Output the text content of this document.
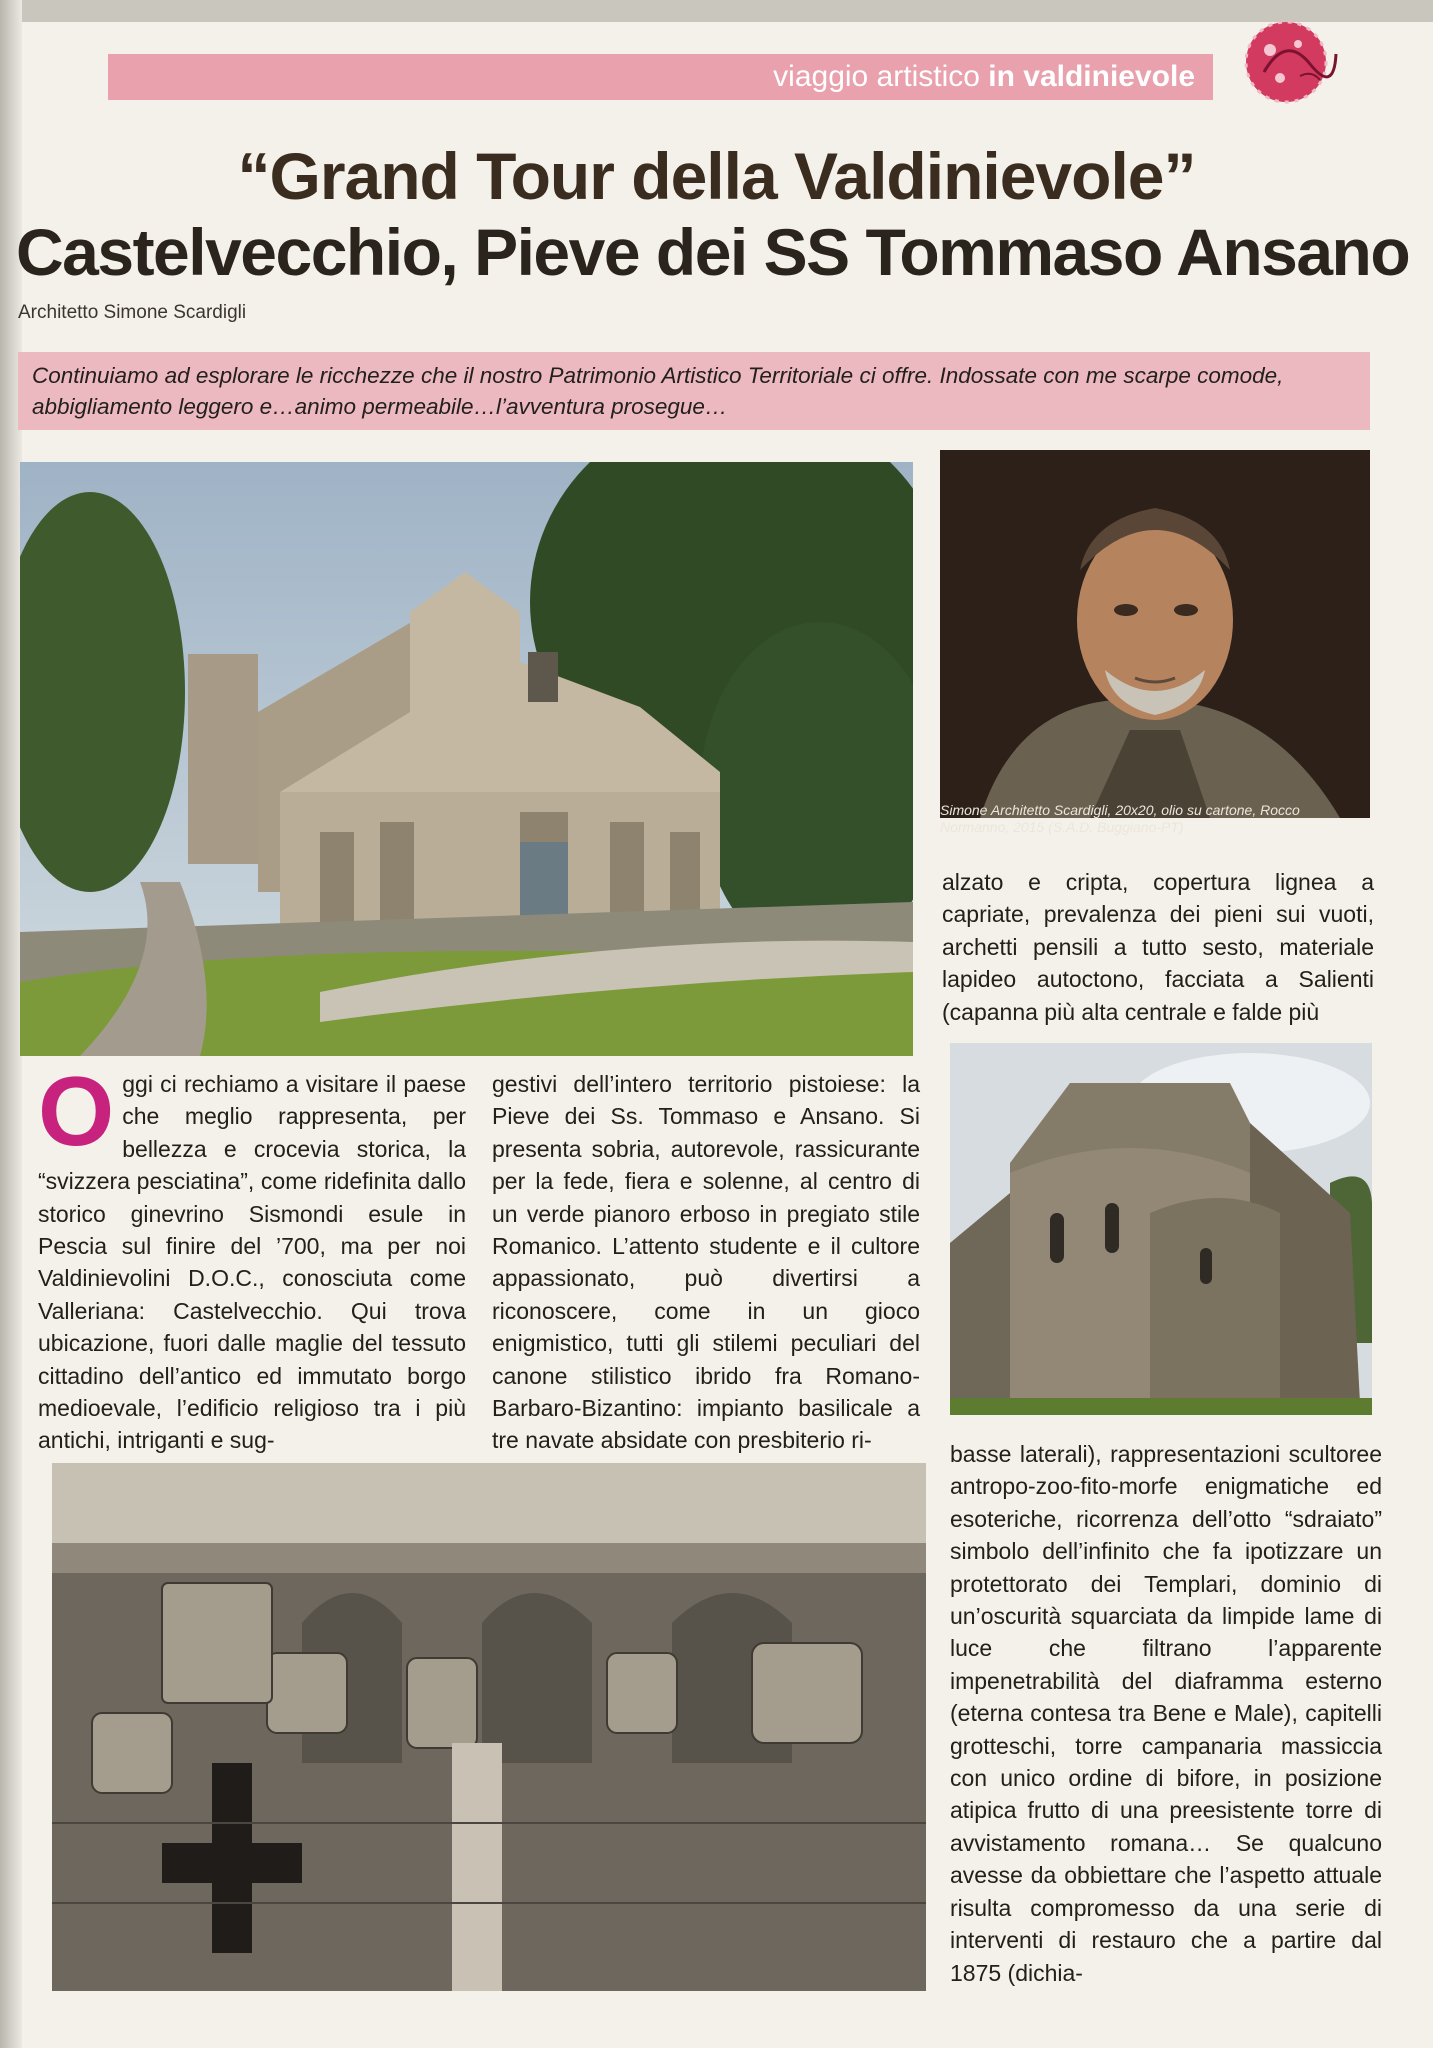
viaggio artistico in valdinievole
“Grand Tour della Valdinievole”
Castelvecchio, Pieve dei SS Tommaso Ansano
Architetto Simone Scardigli

Continuiamo ad esplorare le ricchezze che il nostro Patrimonio Artistico Territoriale ci offre. Indossate con me scarpe comode, abbigliamento leggero e…animo permeabile…l’avventura prosegue…

Simone Architetto Scardigli, 20x20, olio su cartone, Rocco Normanno, 2015 (S.A.D. Buggiano-PT)
Oggi ci rechiamo a visitare il paese che meglio rappresenta, per bellezza e crocevia storica, la “svizzera pesciatina”, come ridefinita dallo storico ginevrino Sismondi esule in Pescia sul finire del ’700, ma per noi Valdinievolini D.O.C., conosciuta come Valleriana: Castelvecchio. Qui trova ubicazione, fuori dalle maglie del tessuto cittadino dell’antico ed immutato borgo medioevale, l’edificio religioso tra i più antichi, intriganti e sug-
gestivi dell’intero territorio pistoiese: la Pieve dei Ss. Tommaso e Ansano. Si presenta sobria, autorevole, rassicurante per la fede, fiera e solenne, al centro di un verde pianoro erboso in pregiato stile Romanico. L’attento studente e il cultore appassionato, può divertirsi a riconoscere, come in un gioco enigmistico, tutti gli stilemi peculiari del canone stilistico ibrido fra Romano-Barbaro-Bizantino: impianto basilicale a tre navate absidate con presbiterio ri-
alzato e cripta, copertura lignea a capriate, prevalenza dei pieni sui vuoti, archetti pensili a tutto sesto, materiale lapideo autoctono, facciata a Salienti (capanna più alta centrale e falde più
basse laterali), rappresentazioni scultoree antropo-zoo-fito-morfe enigmatiche ed esoteriche, ricorrenza dell’otto “sdraiato” simbolo dell’infinito che fa ipotizzare un protettorato dei Templari, dominio di un’oscurità squarciata da limpide lame di luce che filtrano l’apparente impenetrabilità del diaframma esterno (eterna contesa tra Bene e Male), capitelli grotteschi, torre campanaria massiccia con unico ordine di bifore, in posizione atipica frutto di una preesistente torre di avvistamento romana… Se qualcuno avesse da obbiettare che l’aspetto attuale risulta compromesso da una serie di interventi di restauro che a partire dal 1875 (dichia-
